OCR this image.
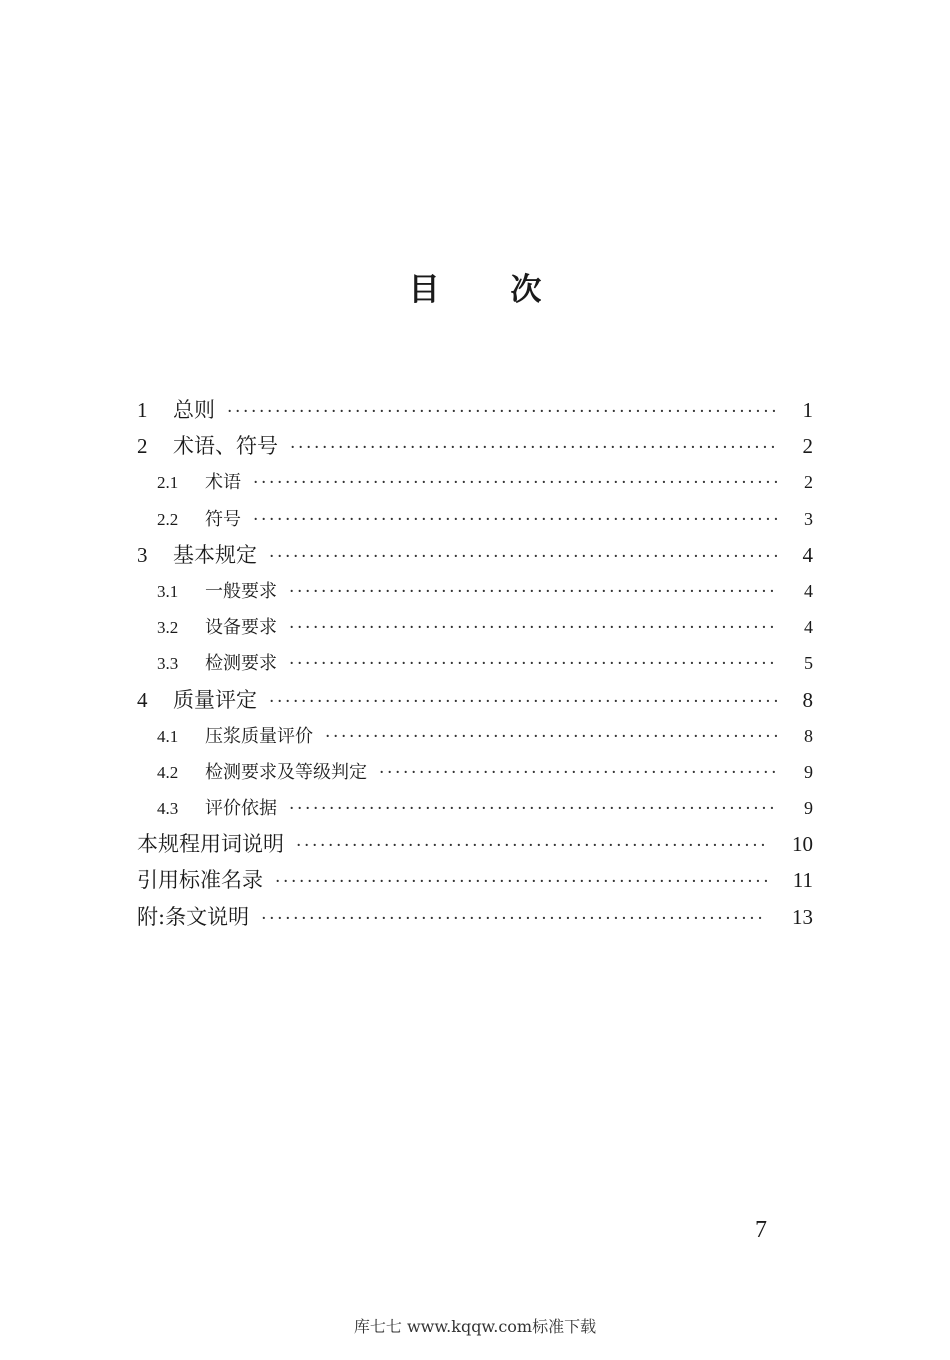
目 次
1	总则 ·····	1
2	术语、符号 ·····	2
2.1	术语 ·····	2
2.2	符号 ·····	3
3	基本规定 ·····	4
3.1	一般要求 ·····	4
3.2	设备要求 ·····	4
3.3	检测要求 ·····	5
4	质量评定 ·····	8
4.1	压浆质量评价 ·····	8
4.2	检测要求及等级判定 ·····	9
4.3	评价依据 ·····	9
本规程用词说明 ·····	10
引用标准名录 ·····	11
附:条文说明 ·····	13
7
库七七 www.kqqw.com标准下载
